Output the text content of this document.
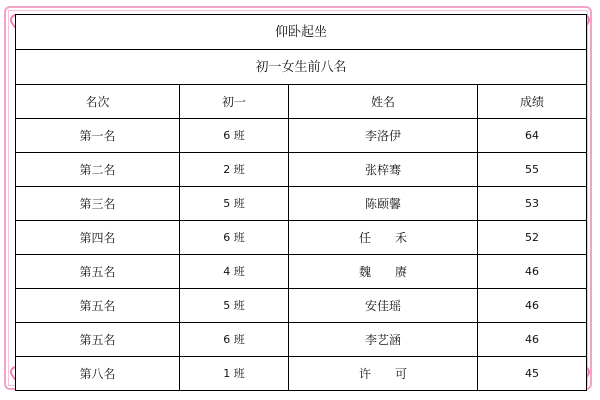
仰卧起坐			
初一女生前八名			
名次	初一	姓名	成绩
第一名	6 班	李洛伊	64
第二名	2 班	张梓骞	55
第三名	5 班	陈颐馨	53
第四名	6 班	任　　禾	52
第五名	4 班	魏　　赓	46
第五名	5 班	安佳瑶	46
第五名	6 班	李艺涵	46
第八名	1 班	许　　可	45
